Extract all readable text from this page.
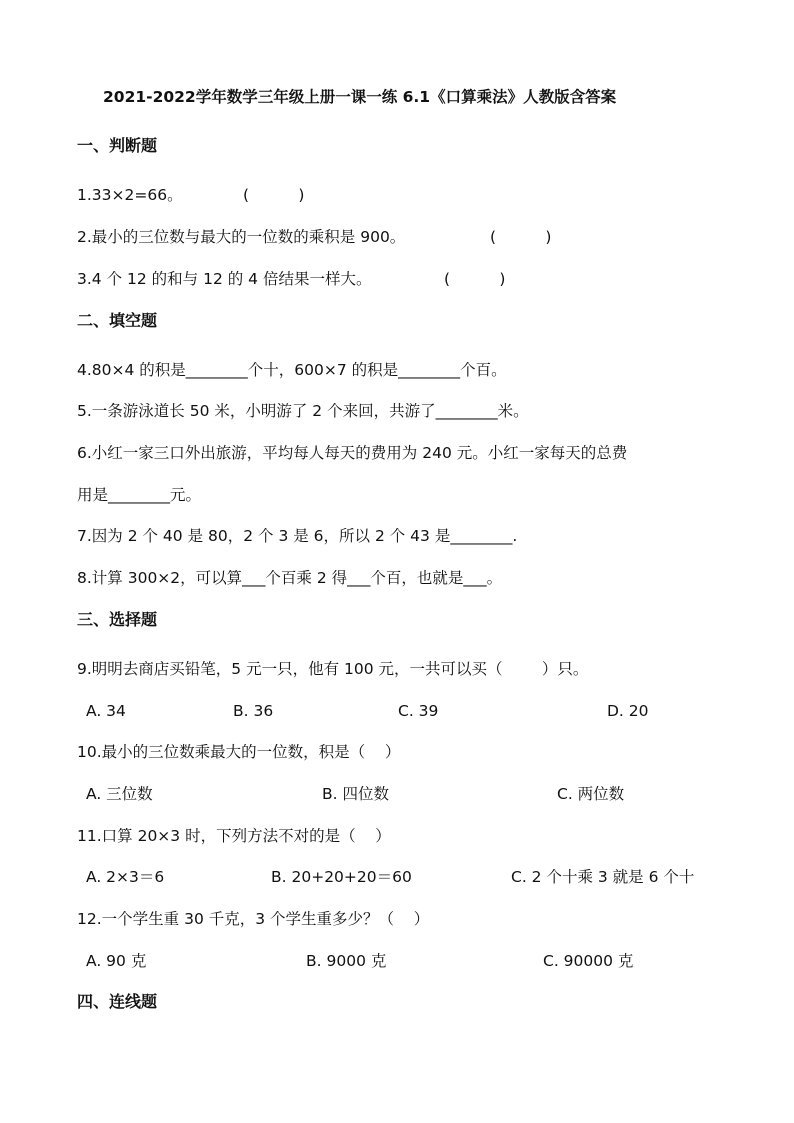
2021-2022学年数学三年级上册一课一练 6.1《口算乘法》人教版含答案
一、判断题
1.33×2=66。	(          )
2.最小的三位数与最大的一位数的乘积是 900。	(          )
3.4 个 12 的和与 12 的 4 倍结果一样大。	(          )
二、填空题
4.80×4 的积是________个十，600×7 的积是________个百。
5.一条游泳道长 50 米，小明游了 2 个来回，共游了________米。
6.小红一家三口外出旅游，平均每人每天的费用为 240 元。小红一家每天的总费
用是________元。
7.因为 2 个 40 是 80，2 个 3 是 6，所以 2 个 43 是________.
8.计算 300×2，可以算___个百乘 2 得___个百，也就是___。
三、选择题
9.明明去商店买铅笔，5 元一只，他有 100 元，一共可以买（        ）只。
A. 34	B. 36	C. 39	D. 20
10.最小的三位数乘最大的一位数，积是（    ）
A. 三位数	B. 四位数	C. 两位数
11.口算 20×3 时，下列方法不对的是（    ）
A. 2×3＝6	B. 20+20+20＝60	C. 2 个十乘 3 就是 6 个十
12.一个学生重 30 千克，3 个学生重多少？（    ）
A. 90 克	B. 9000 克	C. 90000 克
四、连线题
